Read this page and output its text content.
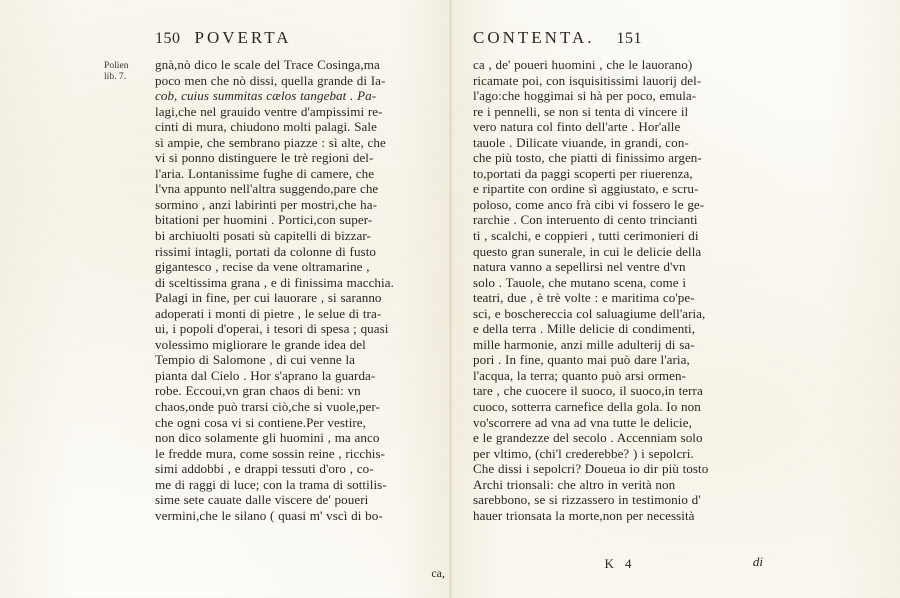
Polien
lib. 7.
150 POVERTA
gnà,nò dico le scale del Trace Cosinga,ma
poco men che nò dissi, quella grande di Ia-
cob, cuius summitas cælos tangebat . Pa-
lagi,che nel grauido ventre d'ampissimi re-
cinti di mura, chiudono molti palagi. Sale
sì ampie, che sembrano piazze : sì alte, che
vi si ponno distinguere le trè regioni del-
l'aria. Lontanissime fughe di camere, che
l'vna appunto nell'altra suggendo,pare che
sormino , anzi labirinti per mostri,che ha-
bitationi per huomini . Portici,con super-
bi archiuolti posati sù capitelli di bizzar-
rissimi intagli, portati da colonne di fusto
gigantesco , recise da vene oltramarine ,
di sceltissima grana , e di finissima macchia.
Palagi in fine, per cui lauorare , si saranno
adoperati i monti di pietre , le selue di tra-
ui, i popoli d'operai, i tesori di spesa ; quasi
volessimo migliorare le grande idea del
Tempio di Salomone , di cui venne la
pianta dal Cielo . Hor s'aprano la guarda-
robe. Eccoui,vn gran chaos di beni: vn
chaos,onde può trarsi ciò,che si vuole,per-
che ogni cosa vi si contiene.Per vestire,
non dico solamente gli huomini , ma anco
le fredde mura, come sossin reine , ricchis-
simi addobbi , e drappi tessuti d'oro , co-
me di raggi di luce; con la trama di sottilis-
sime sete cauate dalle viscere de' poueri
vermini,che le silano ( quasi m' vscì di bo-
ca,
CONTENTA. 151
ca , de' poueri huomini , che le lauorano)
ricamate poi, con isquisitissimi lauorij del-
l'ago:che hoggimai si hà per poco, emula-
re i pennelli, se non si tenta di vincere il
vero natura col finto dell'arte . Hor'alle
tauole . Dilicate viuande, in grandi, con-
che più tosto, che piatti di finissimo argen-
to,portati da paggi scoperti per riuerenza,
e ripartite con ordine sì aggiustato, e scru-
poloso, come anco frà cibi vi fossero le ge-
rarchie . Con interuento di cento trincianti
ti , scalchi, e coppieri , tutti cerimonieri di
questo gran sunerale, in cui le delicie della
natura vanno a sepellirsi nel ventre d'vn
solo . Tauole, che mutano scena, come i
teatri, due , è trè volte : e maritima co'pe-
sci, e boschereccia col saluagiume dell'aria,
e della terra . Mille delicie di condimenti,
mille harmonie, anzi mille adulterij di sa-
pori . In fine, quanto mai può dare l'aria,
l'acqua, la terra; quanto può arsi ormen-
tare , che cuocere il suoco, il suoco,in terra
cuoco, sotterra carnefice della gola. Io non
vo'scorrere ad vna ad vna tutte le delicie,
e le grandezze del secolo . Accenniam solo
per vltimo, (chi'l crederebbe? ) i sepolcri.
Che dissi i sepolcri? Doueua io dir più tosto
Archi trionsali: che altro in verità non
sarebbono, se si rizzassero in testimonio d'
hauer trionsata la morte,non per necessità
K 4	di
